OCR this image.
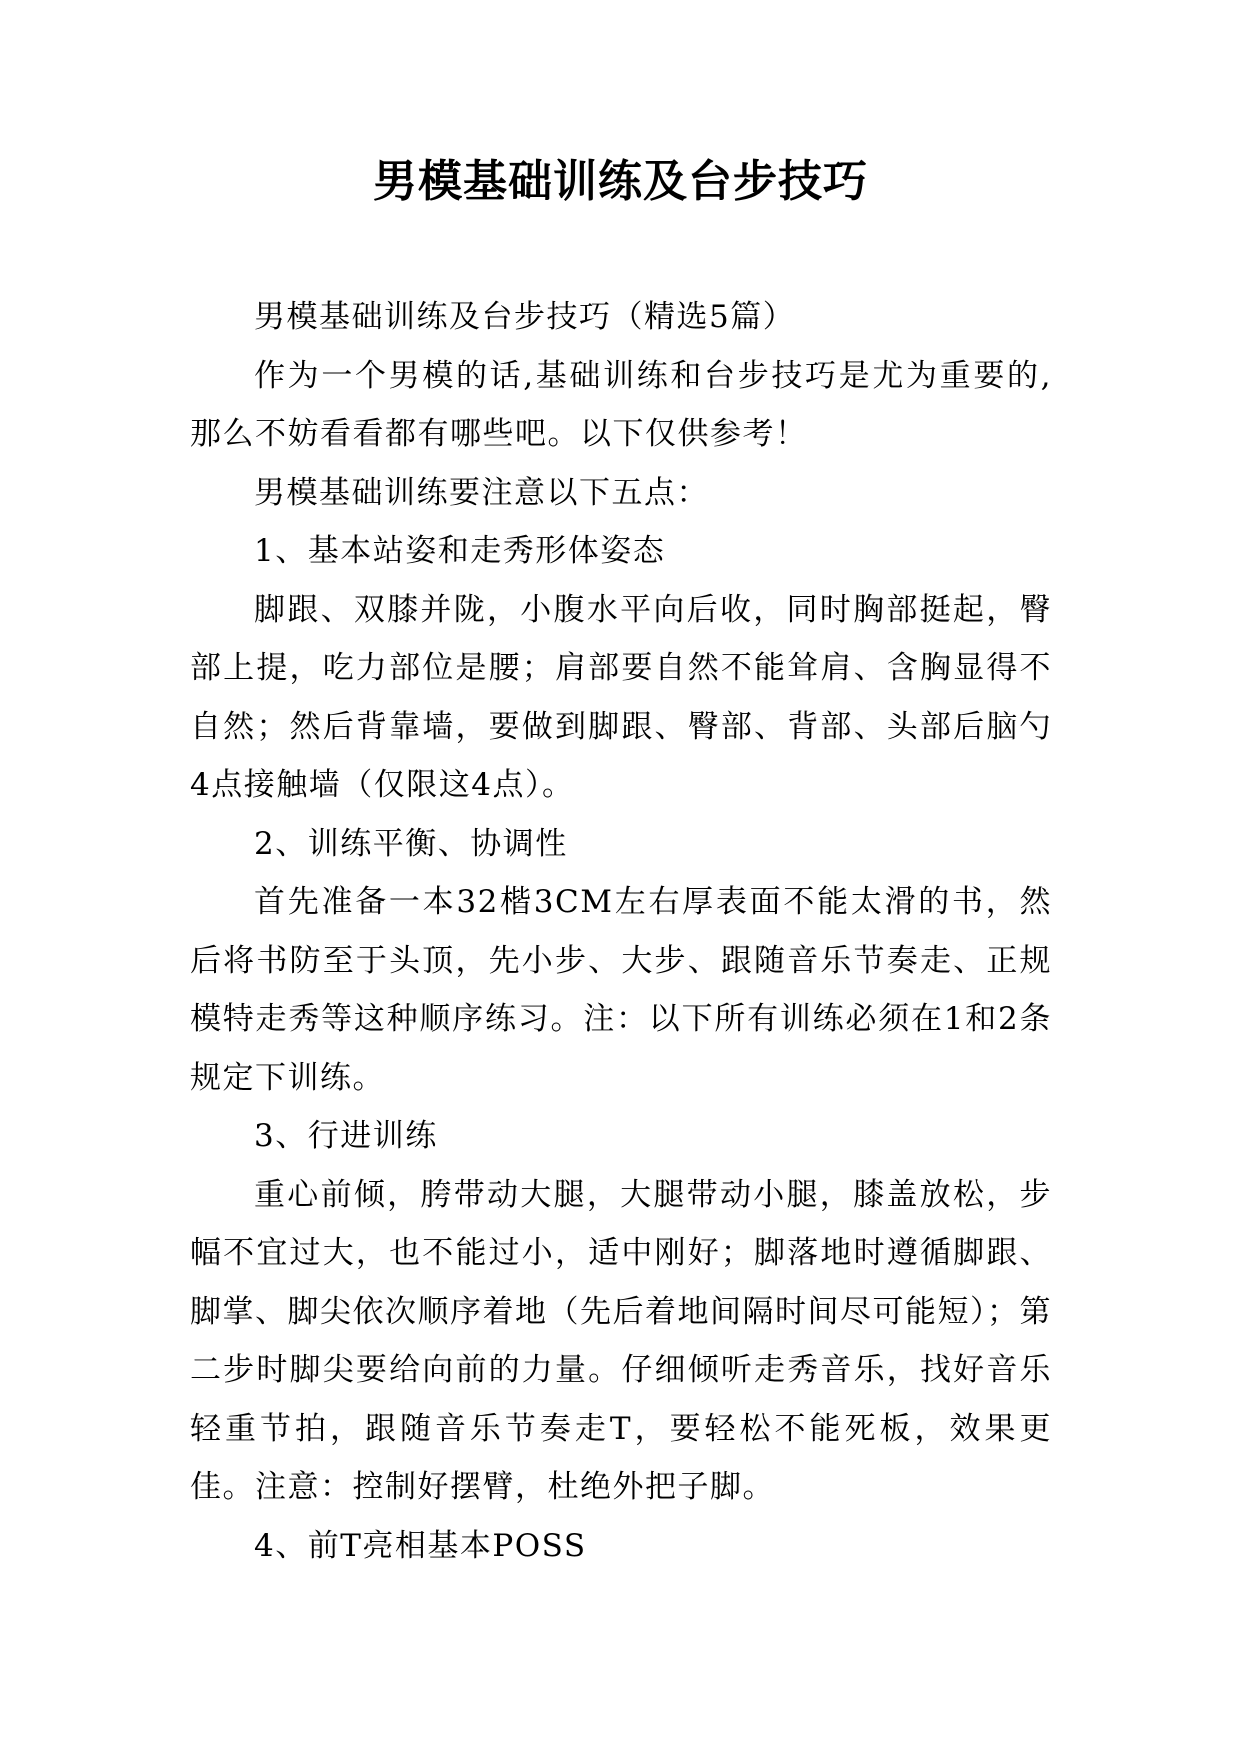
男模基础训练及台步技巧

男模基础训练及台步技巧（精选5篇）

作为一个男模的话,基础训练和台步技巧是尤为重要的,那么不妨看看都有哪些吧。以下仅供参考！

男模基础训练要注意以下五点：

1、基本站姿和走秀形体姿态

脚跟、双膝并陇，小腹水平向后收，同时胸部挺起，臀部上提，吃力部位是腰；肩部要自然不能耸肩、含胸显得不自然；然后背靠墙，要做到脚跟、臀部、背部、头部后脑勺4点接触墙（仅限这4点）。

2、训练平衡、协调性

首先准备一本32楷3CM左右厚表面不能太滑的书，然后将书防至于头顶，先小步、大步、跟随音乐节奏走、正规模特走秀等这种顺序练习。注：以下所有训练必须在1和2条规定下训练。

3、行进训练

重心前倾，胯带动大腿，大腿带动小腿，膝盖放松，步幅不宜过大，也不能过小，适中刚好；脚落地时遵循脚跟、脚掌、脚尖依次顺序着地（先后着地间隔时间尽可能短）；第二步时脚尖要给向前的力量。仔细倾听走秀音乐，找好音乐轻重节拍，跟随音乐节奏走T，要轻松不能死板，效果更佳。注意：控制好摆臂，杜绝外把子脚。

4、前T亮相基本POSS
